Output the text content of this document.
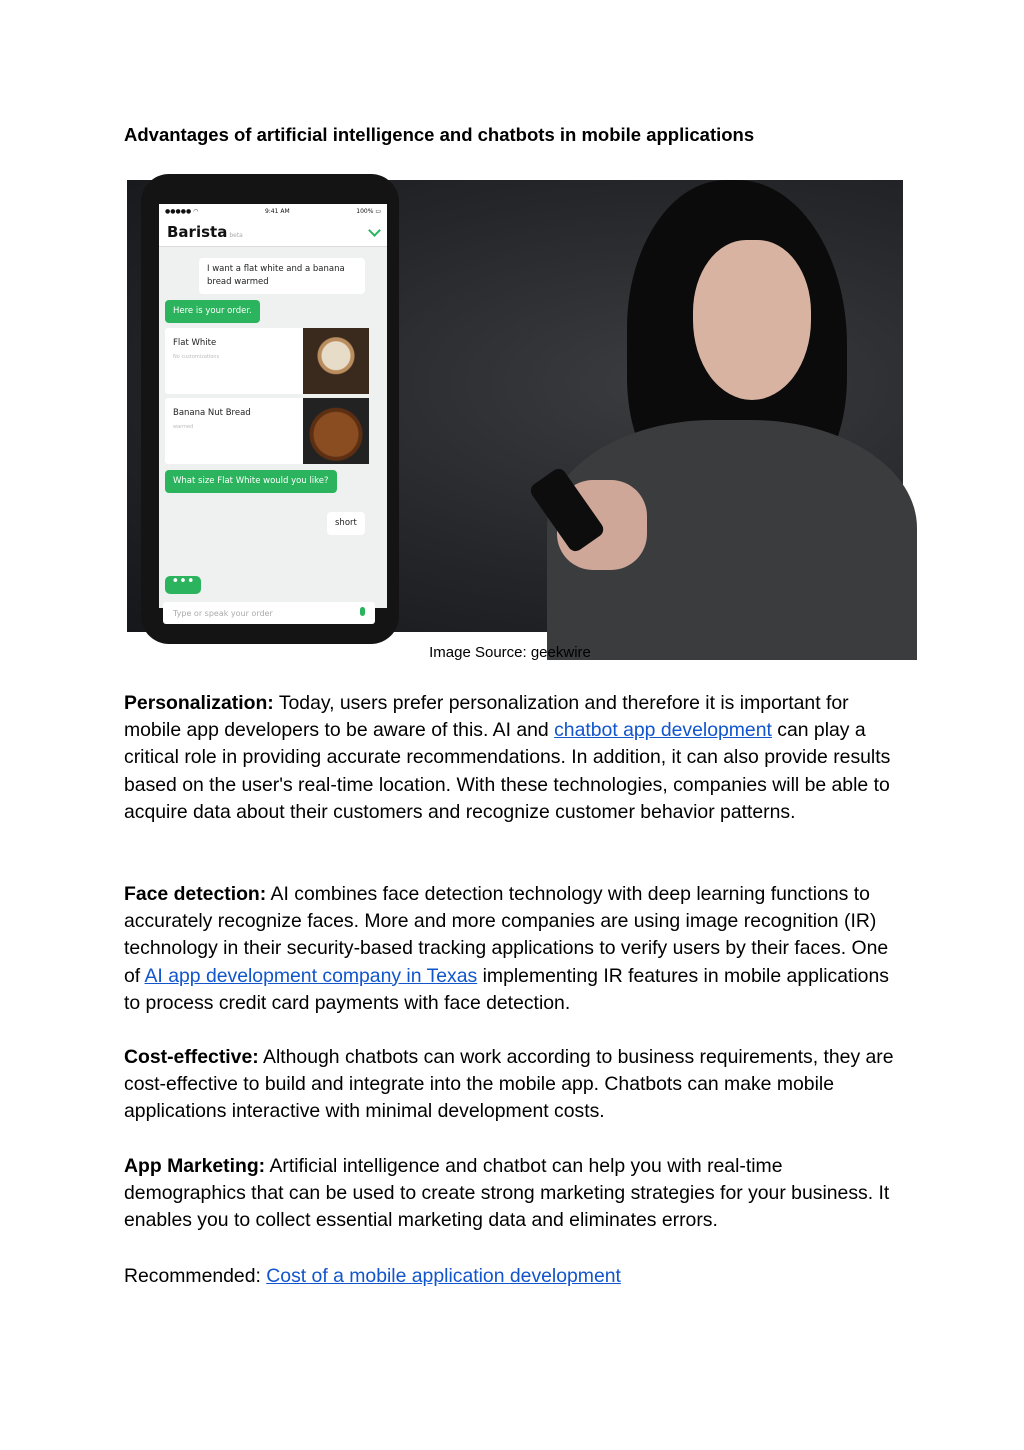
Advantages of artificial intelligence and chatbots in mobile applications
●●●●● ◠	9:41 AM	100% ▭
Barista beta
I want a flat white and a banana bread warmed
Here is your order.
Flat White
No customizations
Banana Nut Bread
warmed
What size Flat White would you like?
short
•••
Type or speak your order
Image Source: geekwire

Personalization: Today, users prefer personalization and therefore it is important for mobile app developers to be aware of this. AI and chatbot app development can play a critical role in providing accurate recommendations. In addition, it can also provide results based on the user's real-time location. With these technologies, companies will be able to acquire data about their customers and recognize customer behavior patterns.

Face detection: AI combines face detection technology with deep learning functions to accurately recognize faces. More and more companies are using image recognition (IR) technology in their security-based tracking applications to verify users by their faces. One of AI app development company in Texas implementing IR features in mobile applications to process credit card payments with face detection.

Cost-effective: Although chatbots can work according to business requirements, they are cost-effective to build and integrate into the mobile app. Chatbots can make mobile applications interactive with minimal development costs.

App Marketing: Artificial intelligence and chatbot can help you with real-time demographics that can be used to create strong marketing strategies for your business. It enables you to collect essential marketing data and eliminates errors.

Recommended: Cost of a mobile application development
